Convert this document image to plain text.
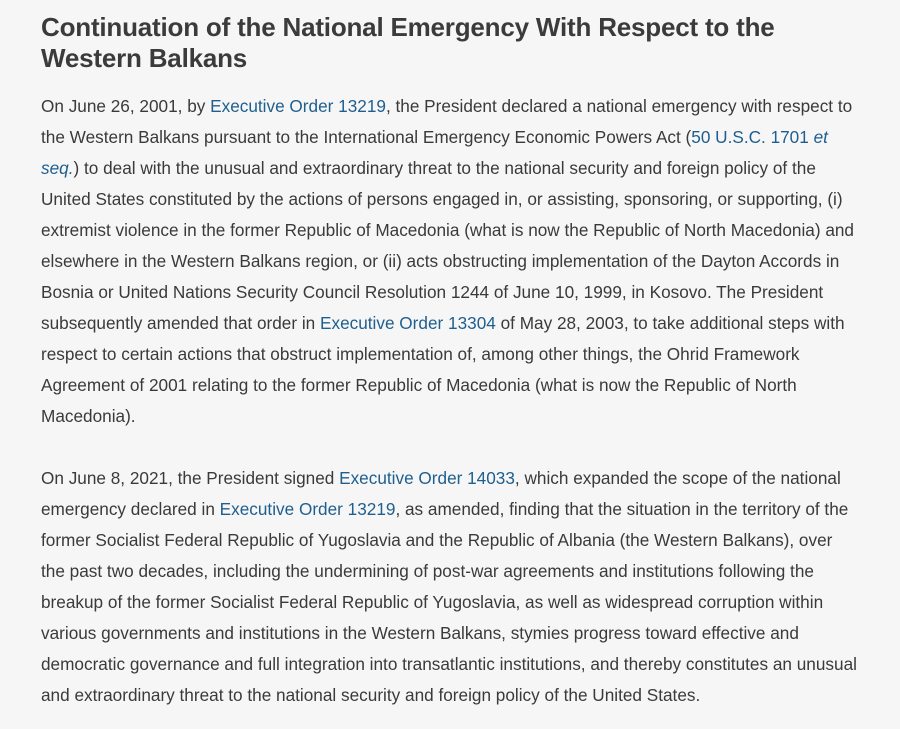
Continuation of the National Emergency With Respect to the Western Balkans

On June 26, 2001, by Executive Order 13219, the President declared a national emergency with respect to the Western Balkans pursuant to the International Emergency Economic Powers Act (50 U.S.C. 1701 et seq.) to deal with the unusual and extraordinary threat to the national security and foreign policy of the United States constituted by the actions of persons engaged in, or assisting, sponsoring, or supporting, (i) extremist violence in the former Republic of Macedonia (what is now the Republic of North Macedonia) and elsewhere in the Western Balkans region, or (ii) acts obstructing implementation of the Dayton Accords in Bosnia or United Nations Security Council Resolution 1244 of June 10, 1999, in Kosovo. The President subsequently amended that order in Executive Order 13304 of May 28, 2003, to take additional steps with respect to certain actions that obstruct implementation of, among other things, the Ohrid Framework Agreement of 2001 relating to the former Republic of Macedonia (what is now the Republic of North Macedonia).

On June 8, 2021, the President signed Executive Order 14033, which expanded the scope of the national emergency declared in Executive Order 13219, as amended, finding that the situation in the territory of the former Socialist Federal Republic of Yugoslavia and the Republic of Albania (the Western Balkans), over the past two decades, including the undermining of post-war agreements and institutions following the breakup of the former Socialist Federal Republic of Yugoslavia, as well as widespread corruption within various governments and institutions in the Western Balkans, stymies progress toward effective and democratic governance and full integration into transatlantic institutions, and thereby constitutes an unusual and extraordinary threat to the national security and foreign policy of the United States.
